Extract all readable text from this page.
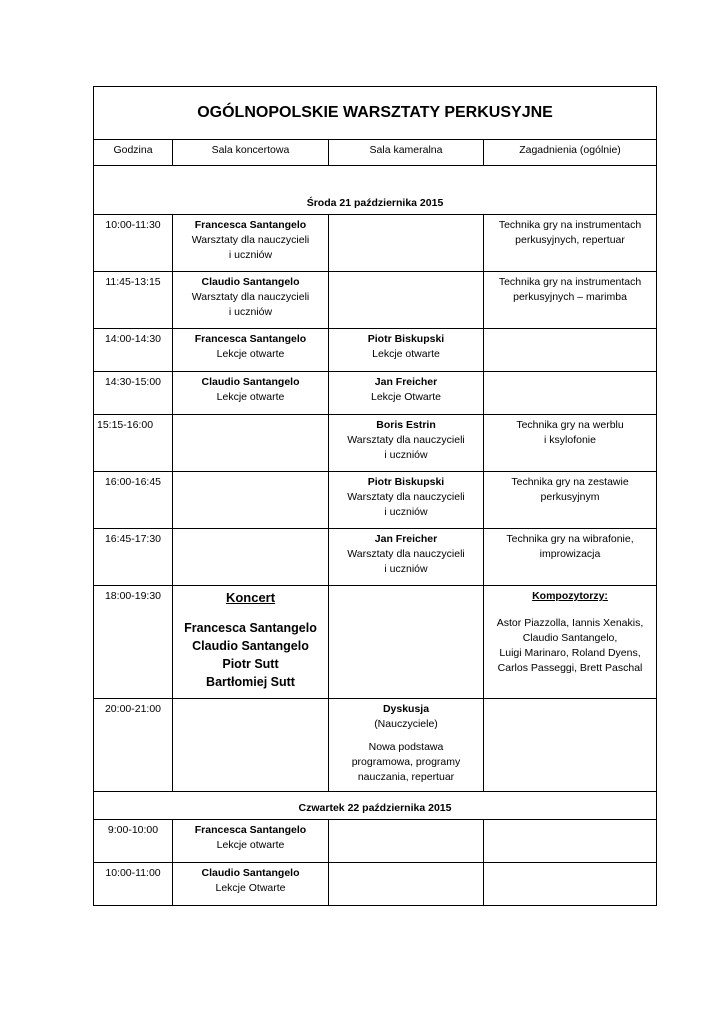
OGÓLNOPOLSKIE WARSZTATY PERKUSYJNE			
Godzina	Sala koncertowa	Sala kameralna	Zagadnienia (ogólnie)
Środa 21 października 2015			
10:00-11:30	Francesca Santangelo
Warsztaty dla nauczycieli
i uczniów		Technika gry na instrumentach
perkusyjnych, repertuar

11:45-13:15	Claudio Santangelo
Warsztaty dla nauczycieli
i uczniów		Technika gry na instrumentach
perkusyjnych – marimba

14:00-14:30	Francesca Santangelo
Lekcje otwarte	Piotr Biskupski
Lekcje otwarte	

14:30-15:00	Claudio Santangelo
Lekcje otwarte	Jan Freicher
Lekcje Otwarte	

15:15-16:00		Boris Estrin
Warsztaty dla nauczycieli
i uczniów	Technika gry na werblu
i ksylofonie

16:00-16:45		Piotr Biskupski
Warsztaty dla nauczycieli
i uczniów	Technika gry na zestawie
perkusyjnym

16:45-17:30		Jan Freicher
Warsztaty dla nauczycieli
i uczniów	Technika gry na wibrafonie,
improwizacja

18:00-19:30	Koncert
Francesca Santangelo
Claudio Santangelo
Piotr Sutt
Bartłomiej Sutt		Kompozytorzy:
Astor Piazzolla, Iannis Xenakis,
Claudio Santangelo,
Luigi Marinaro, Roland Dyens,
Carlos Passeggi, Brett Paschal

20:00-21:00		Dyskusja
(Nauczyciele)
Nowa podstawa
programowa, programy
nauczania, repertuar	

Czwartek 22 października 2015			
9:00-10:00	Francesca Santangelo
Lekcje otwarte		

10:00-11:00	Claudio Santangelo
Lekcje Otwarte		
